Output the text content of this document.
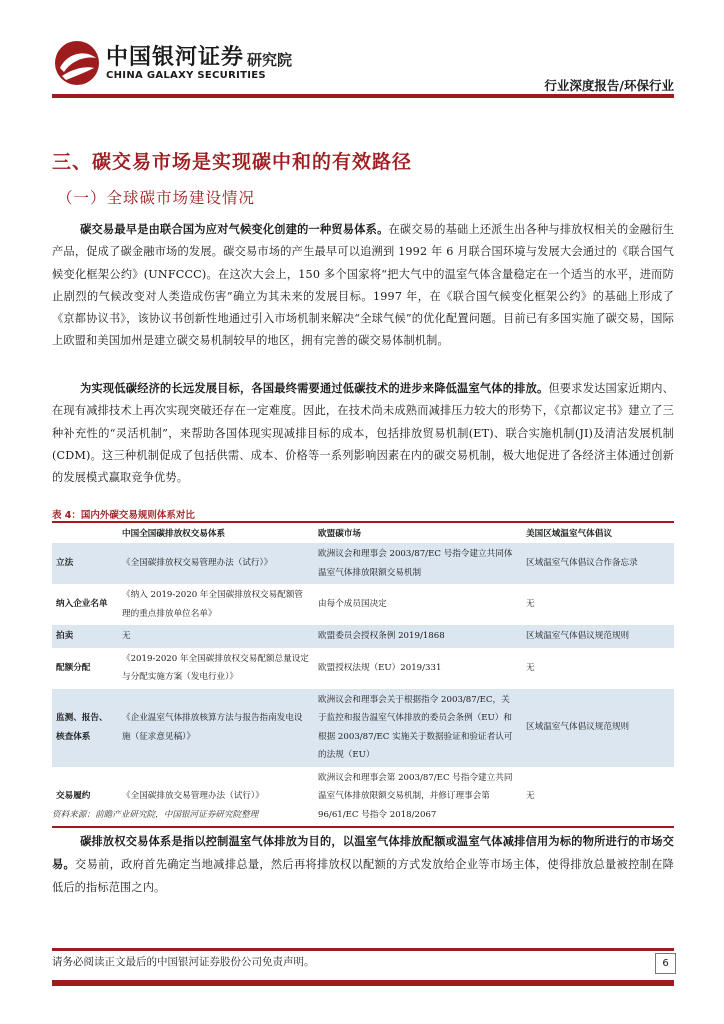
中国银河证券
CHINA GALAXY SECURITIES
研究院
行业深度报告/环保行业
三、碳交易市场是实现碳中和的有效路径
（一）全球碳市场建设情况
碳交易最早是由联合国为应对气候变化创建的一种贸易体系。在碳交易的基础上还派生出各种与排放权相关的金融衍生产品，促成了碳金融市场的发展。碳交易市场的产生最早可以追溯到 1992 年 6 月联合国环境与发展大会通过的《联合国气候变化框架公约》(UNFCCC)。在这次大会上，150 多个国家将“把大气中的温室气体含量稳定在一个适当的水平，进而防止剧烈的气候改变对人类造成伤害”确立为其未来的发展目标。1997 年，在《联合国气候变化框架公约》的基础上形成了《京都协议书》，该协议书创新性地通过引入市场机制来解决“全球气候”的优化配置问题。目前已有多国实施了碳交易，国际上欧盟和美国加州是建立碳交易机制较早的地区，拥有完善的碳交易体制机制。
为实现低碳经济的长远发展目标，各国最终需要通过低碳技术的进步来降低温室气体的排放。但要求发达国家近期内、在现有减排技术上再次实现突破还存在一定难度。因此，在技术尚未成熟而减排压力较大的形势下，《京都议定书》建立了三种补充性的“灵活机制”，来帮助各国体现实现减排目标的成本，包括排放贸易机制(ET)、联合实施机制(JI)及清洁发展机制(CDM)。这三种机制促成了包括供需、成本、价格等一系列影响因素在内的碳交易机制，极大地促进了各经济主体通过创新的发展模式赢取竞争优势。
表 4：国内外碳交易规则体系对比
	中国全国碳排放权交易体系	欧盟碳市场	美国区域温室气体倡议
立法	《全国碳排放权交易管理办法（试行）》	欧洲议会和理事会 2003/87/EC 号指令建立共同体温室气体排放限额交易机制	区域温室气体倡议合作备忘录
纳入企业名单	《纳入 2019-2020 年全国碳排放权交易配额管理的重点排放单位名单》	由每个成员国决定	无
拍卖	无	欧盟委员会授权条例 2019/1868	区域温室气体倡议规范规则
配额分配	《2019-2020 年全国碳排放权交易配额总量设定与分配实施方案（发电行业）》	欧盟授权法规（EU）2019/331	无
监测、报告、核查体系	《企业温室气体排放核算方法与报告指南发电设施（征求意见稿）》	欧洲议会和理事会关于根据指令 2003/87/EC，关于监控和报告温室气体排放的委员会条例（EU）和根据 2003/87/EC 实施关于数据验证和验证者认可的法规（EU）	区域温室气体倡议规范规则
交易履约	《全国碳排放交易管理办法（试行）》	欧洲议会和理事会第 2003/87/EC 号指令建立共同温室气体排放限额交易机制，并修订理事会第 96/61/EC 号指令 2018/2067	无
资料来源：前瞻产业研究院，中国银河证券研究院整理
碳排放权交易体系是指以控制温室气体排放为目的，以温室气体排放配额或温室气体减排信用为标的物所进行的市场交易。交易前，政府首先确定当地减排总量，然后再将排放权以配额的方式发放给企业等市场主体，使得排放总量被控制在降低后的指标范围之内。
请务必阅读正文最后的中国银河证券股份公司免责声明。	6
